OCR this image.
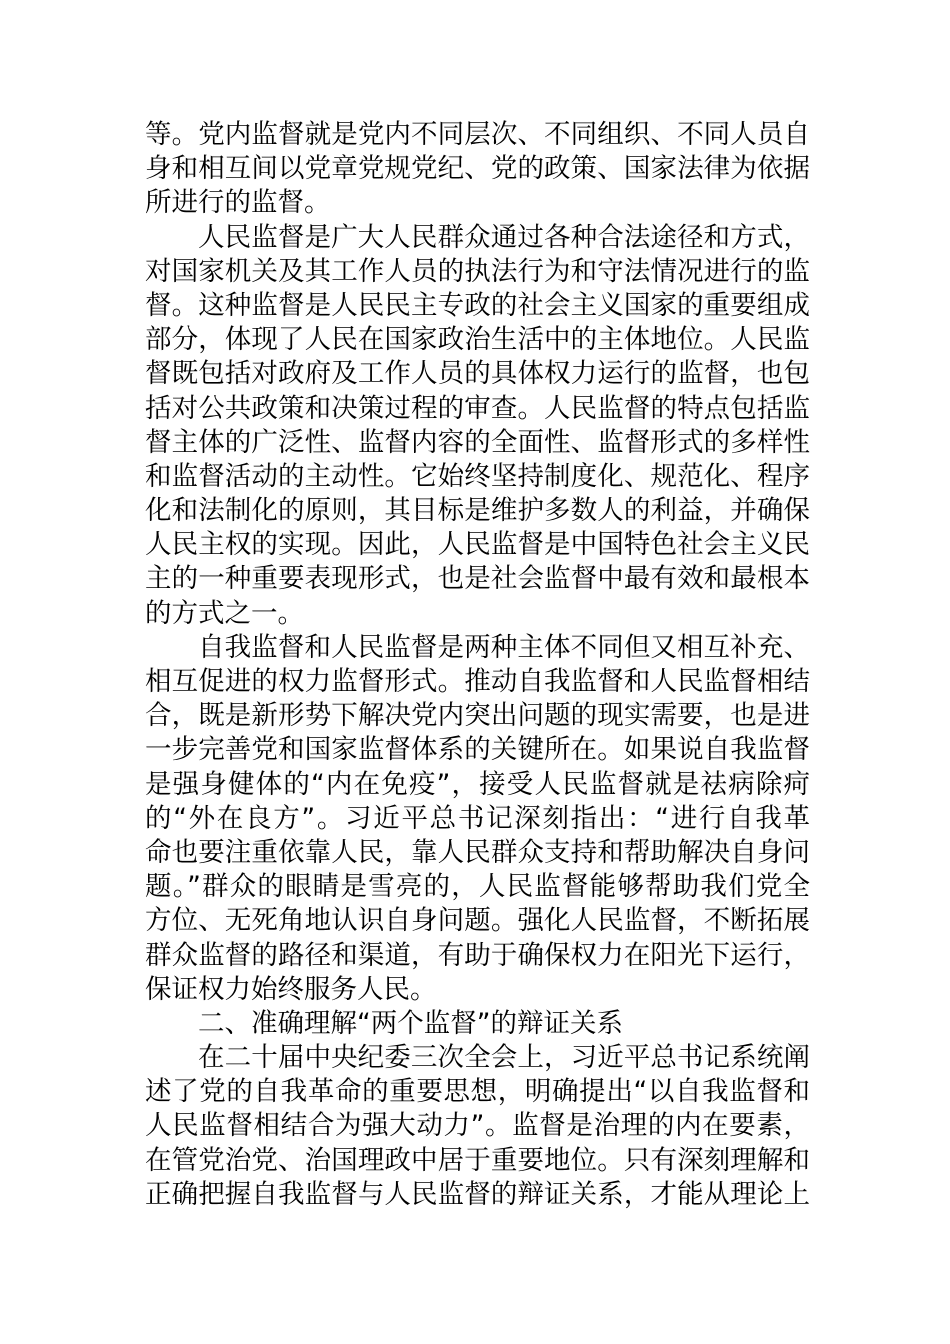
等。党内监督就是党内不同层次、不同组织、不同人员自
身和相互间以党章党规党纪、党的政策、国家法律为依据
所进行的监督。
人民监督是广大人民群众通过各种合法途径和方式，
对国家机关及其工作人员的执法行为和守法情况进行的监
督。这种监督是人民民主专政的社会主义国家的重要组成
部分，体现了人民在国家政治生活中的主体地位。人民监
督既包括对政府及工作人员的具体权力运行的监督，也包
括对公共政策和决策过程的审查。人民监督的特点包括监
督主体的广泛性、监督内容的全面性、监督形式的多样性
和监督活动的主动性。它始终坚持制度化、规范化、程序
化和法制化的原则，其目标是维护多数人的利益，并确保
人民主权的实现。因此，人民监督是中国特色社会主义民
主的一种重要表现形式，也是社会监督中最有效和最根本
的方式之一。
自我监督和人民监督是两种主体不同但又相互补充、
相互促进的权力监督形式。推动自我监督和人民监督相结
合，既是新形势下解决党内突出问题的现实需要，也是进
一步完善党和国家监督体系的关键所在。如果说自我监督
是强身健体的“内在免疫”，接受人民监督就是祛病除疴
的“外在良方”。习近平总书记深刻指出：“进行自我革
命也要注重依靠人民，靠人民群众支持和帮助解决自身问
题。”群众的眼睛是雪亮的，人民监督能够帮助我们党全
方位、无死角地认识自身问题。强化人民监督，不断拓展
群众监督的路径和渠道，有助于确保权力在阳光下运行，
保证权力始终服务人民。
二、准确理解“两个监督”的辩证关系
在二十届中央纪委三次全会上，习近平总书记系统阐
述了党的自我革命的重要思想，明确提出“以自我监督和
人民监督相结合为强大动力”。监督是治理的内在要素，
在管党治党、治国理政中居于重要地位。只有深刻理解和
正确把握自我监督与人民监督的辩证关系，才能从理论上
